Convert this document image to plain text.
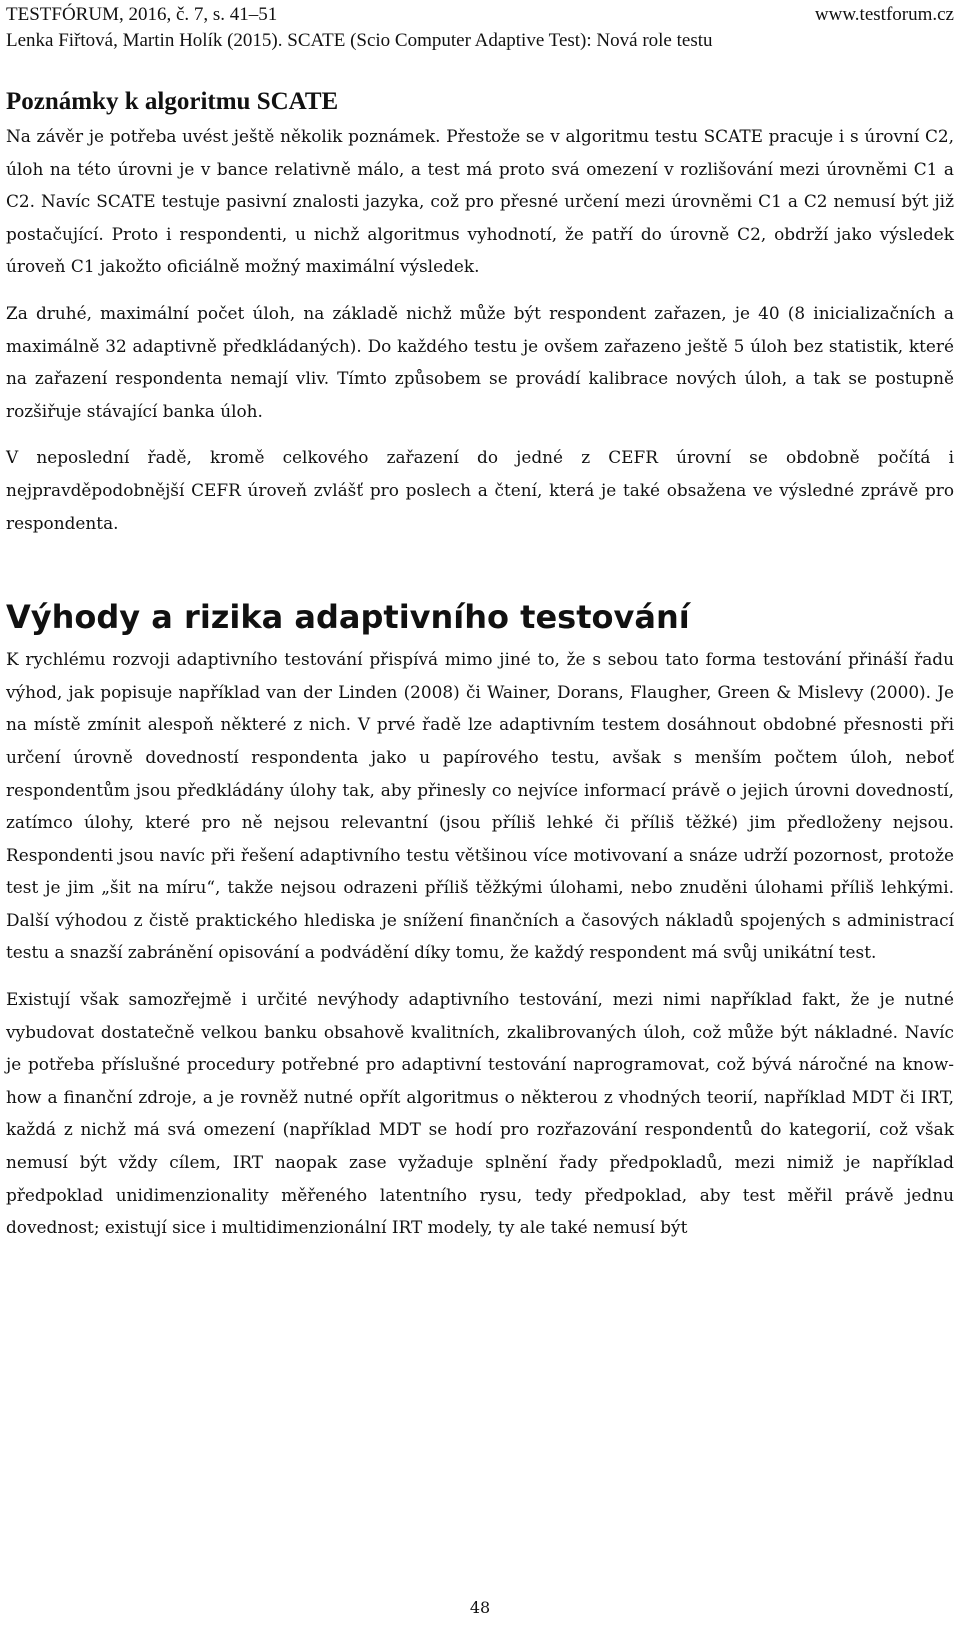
TESTFÓRUM, 2016, č. 7, s. 41–51	www.testforum.cz
Lenka Fiřtová, Martin Holík (2015). SCATE (Scio Computer Adaptive Test): Nová role testu
Poznámky k algoritmu SCATE

Na závěr je potřeba uvést ještě několik poznámek. Přestože se v algoritmu testu SCATE pracuje i s úrovní C2, úloh na této úrovni je v bance relativně málo, a test má proto svá omezení v rozlišování mezi úrovněmi C1 a C2. Navíc SCATE testuje pasivní znalosti jazyka, což pro přesné určení mezi úrovněmi C1 a C2 nemusí být již postačující. Proto i respondenti, u nichž algoritmus vyhodnotí, že patří do úrovně C2, obdrží jako výsledek úroveň C1 jakožto oficiálně možný maximální výsledek.

Za druhé, maximální počet úloh, na základě nichž může být respondent zařazen, je 40 (8 inicializačních a maximálně 32 adaptivně předkládaných). Do každého testu je ovšem zařazeno ještě 5 úloh bez statistik, které na zařazení respondenta nemají vliv. Tímto způsobem se provádí kalibrace nových úloh, a tak se postupně rozšiřuje stávající banka úloh.

V neposlední řadě, kromě celkového zařazení do jedné z CEFR úrovní se obdobně počítá i nejpravděpodobnější CEFR úroveň zvlášť pro poslech a čtení, která je také obsažena ve výsledné zprávě pro respondenta.

Výhody a rizika adaptivního testování

K rychlému rozvoji adaptivního testování přispívá mimo jiné to, že s sebou tato forma testování přináší řadu výhod, jak popisuje například van der Linden (2008) či Wainer, Dorans, Flaugher, Green & Mislevy (2000). Je na místě zmínit alespoň některé z nich. V prvé řadě lze adaptivním testem dosáhnout obdobné přesnosti při určení úrovně dovedností respondenta jako u papírového testu, avšak s menším počtem úloh, neboť respondentům jsou předkládány úlohy tak, aby přinesly co nejvíce informací právě o jejich úrovni dovedností, zatímco úlohy, které pro ně nejsou relevantní (jsou příliš lehké či příliš těžké) jim předloženy nejsou. Respondenti jsou navíc při řešení adaptivního testu většinou více motivovaní a snáze udrží pozornost, protože test je jim „šit na míru“, takže nejsou odrazeni příliš těžkými úlohami, nebo znuděni úlohami příliš lehkými. Další výhodou z čistě praktického hlediska je snížení finančních a časových nákladů spojených s administrací testu a snazší zabránění opisování a podvádění díky tomu, že každý respondent má svůj unikátní test.

Existují však samozřejmě i určité nevýhody adaptivního testování, mezi nimi například fakt, že je nutné vybudovat dostatečně velkou banku obsahově kvalitních, zkalibrovaných úloh, což může být nákladné. Navíc je potřeba příslušné procedury potřebné pro adaptivní testování naprogramovat, což bývá náročné na know-how a finanční zdroje, a je rovněž nutné opřít algoritmus o některou z vhodných teorií, například MDT či IRT, každá z nichž má svá omezení (například MDT se hodí pro rozřazování respondentů do kategorií, což však nemusí být vždy cílem, IRT naopak zase vyžaduje splnění řady předpokladů, mezi nimiž je například předpoklad unidimenzionality měřeného latentního rysu, tedy předpoklad, aby test měřil právě jednu dovednost; existují sice i multidimenzionální IRT modely, ty ale také nemusí být

48
